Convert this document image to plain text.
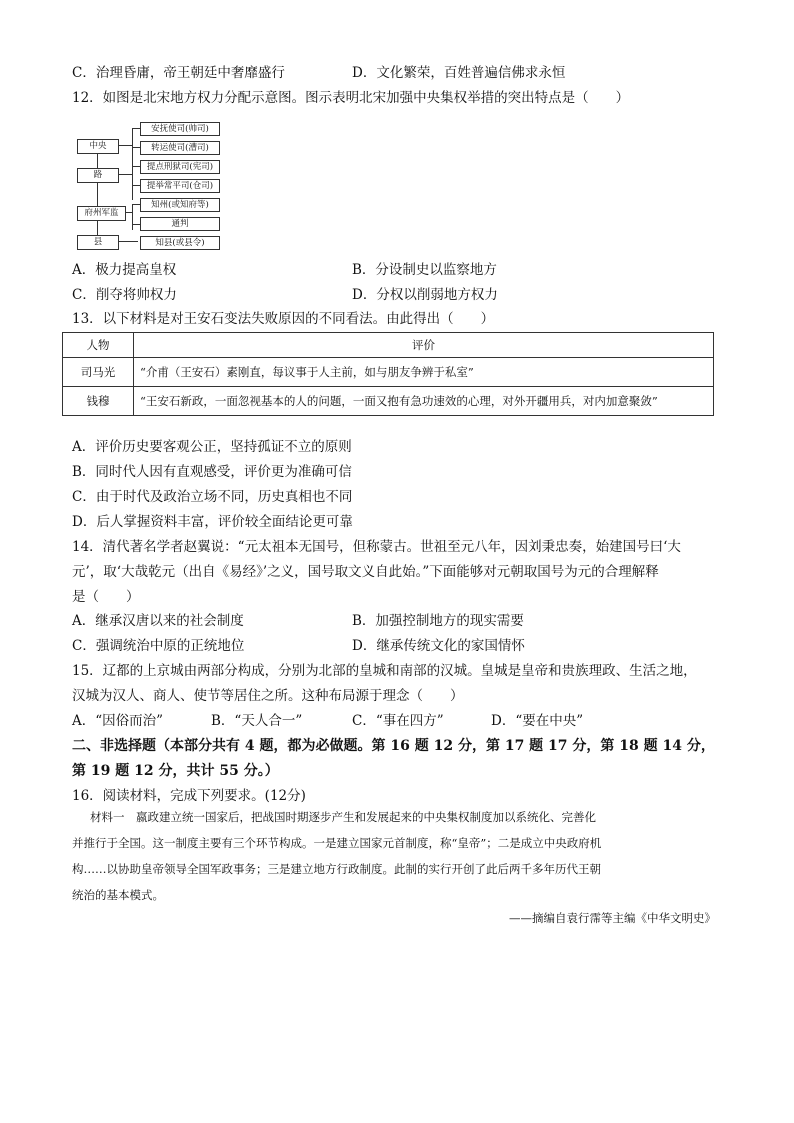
C．治理昏庸，帝王朝廷中奢靡盛行	D．文化繁荣，百姓普遍信佛求永恒
12．如图是北宋地方权力分配示意图。图示表明北宋加强中央集权举措的突出特点是（　　）
中央
路
府州军监
县
安抚使司(帅司)
转运使司(漕司)
提点刑狱司(宪司)
提举常平司(仓司)
知州(或知府等)
通判
知县(或县令)
A．极力提高皇权	B．分设制史以监察地方
C．削夺将帅权力	D．分权以削弱地方权力
13．以下材料是对王安石变法失败原因的不同看法。由此得出（　　）
人物	评价
司马光	“介甫（王安石）素刚直，每议事于人主前，如与朋友争辨于私室”
钱穆	“王安石新政，一面忽视基本的人的问题，一面又抱有急功速效的心理，对外开疆用兵，对内加意聚敛”
A．评价历史要客观公正，坚持孤证不立的原则
B．同时代人因有直观感受，评价更为准确可信
C．由于时代及政治立场不同，历史真相也不同
D．后人掌握资料丰富，评价较全面结论更可靠
14．清代著名学者赵翼说：“元太祖本无国号，但称蒙古。世祖至元八年，因刘秉忠奏，始建国号曰‘大
元’，取‘大哉乾元（出自《易经》’之义，国号取文义自此始。”下面能够对元朝取国号为元的合理解释
是（　　）
A．继承汉唐以来的社会制度	B．加强控制地方的现实需要
C．强调统治中原的正统地位	D．继承传统文化的家国情怀
15．辽都的上京城由两部分构成，分别为北部的皇城和南部的汉城。皇城是皇帝和贵族理政、生活之地，
汉城为汉人、商人、使节等居住之所。这种布局源于理念（　　）
A．“因俗而治”	B．“天人合一”	C．“事在四方”	D．“要在中央”
二、非选择题（本部分共有 4 题，都为必做题。第 16 题 12 分，第 17 题 17 分，第 18 题 14 分，
第 19 题 12 分，共计 55 分。）
16．阅读材料，完成下列要求。(12分)
材料一　嬴政建立统一国家后，把战国时期逐步产生和发展起来的中央集权制度加以系统化、完善化
并推行于全国。这一制度主要有三个环节构成。一是建立国家元首制度，称“皇帝”；二是成立中央政府机
构……以协助皇帝领导全国军政事务；三是建立地方行政制度。此制的实行开创了此后两千多年历代王朝
统治的基本模式。
——摘编自袁行霈等主编《中华文明史》
